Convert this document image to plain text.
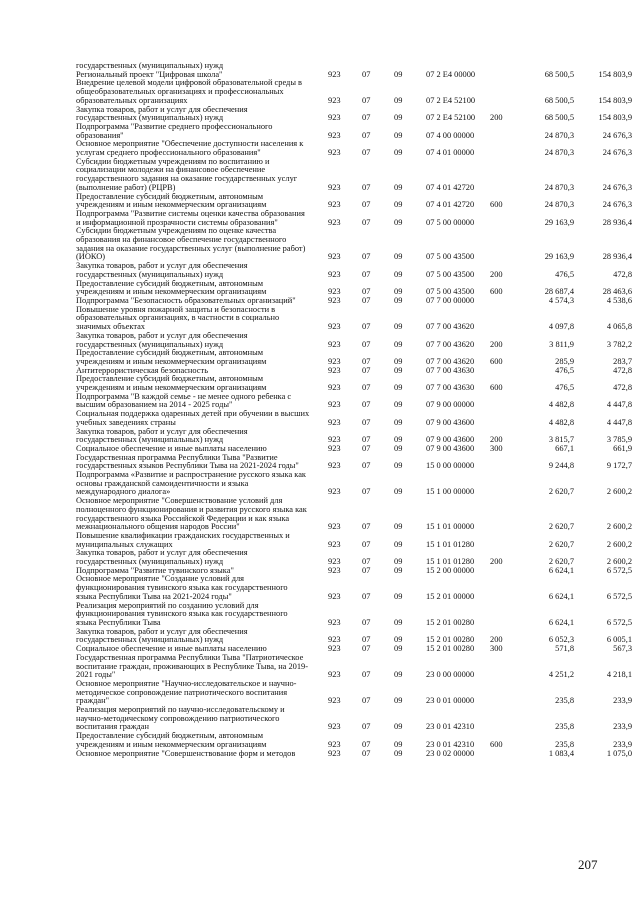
государственных (муниципальных) нужд
Региональный проект "Цифровая школа"	923	07	09	07 2 E4 00000	68 500,5	154 803,9
Внедрение целевой модели цифровой образовательной среды в
общеобразовательных организациях и профессиональных
образовательных организациях	923	07	09	07 2 E4 52100	68 500,5	154 803,9
Закупка товаров, работ и услуг для обеспечения
государственных (муниципальных) нужд	923	07	09	07 2 E4 52100	200	68 500,5	154 803,9
Подпрограмма "Развитие среднего профессионального
образования"	923	07	09	07 4 00 00000	24 870,3	24 676,3
Основное мероприятие "Обеспечение доступности населения к
услугам среднего профессионального образования"	923	07	09	07 4 01 00000	24 870,3	24 676,3
Субсидии бюджетным учреждениям по воспитанию и
социализации молодежи на финансовое обеспечение
государственного задания на оказание государственных услуг
(выполнение работ) (РЦРВ)	923	07	09	07 4 01 42720	24 870,3	24 676,3
Предоставление субсидий бюджетным, автономным
учреждениям и иным некоммерческим организациям	923	07	09	07 4 01 42720	600	24 870,3	24 676,3
Подпрограмма "Развитие системы оценки качества образования
и информационной прозрачности системы образования"	923	07	09	07 5 00 00000	29 163,9	28 936,4
Субсидии бюджетным учреждениям по оценке качества
образования на финансовое обеспечение государственного
задания на оказание государственных услуг (выполнение работ)
(ИОКО)	923	07	09	07 5 00 43500	29 163,9	28 936,4
Закупка товаров, работ и услуг для обеспечения
государственных (муниципальных) нужд	923	07	09	07 5 00 43500	200	476,5	472,8
Предоставление субсидий бюджетным, автономным
учреждениям и иным некоммерческим организациям	923	07	09	07 5 00 43500	600	28 687,4	28 463,6
Подпрограмма "Безопасность образовательных организаций"	923	07	09	07 7 00 00000	4 574,3	4 538,6
Повышение уровня пожарной защиты и безопасности в
образовательных организациях, в частности в социально
значимых объектах	923	07	09	07 7 00 43620	4 097,8	4 065,8
Закупка товаров, работ и услуг для обеспечения
государственных (муниципальных) нужд	923	07	09	07 7 00 43620	200	3 811,9	3 782,2
Предоставление субсидий бюджетным, автономным
учреждениям и иным некоммерческим организациям	923	07	09	07 7 00 43620	600	285,9	283,7
Антитеррористическая безопасность	923	07	09	07 7 00 43630	476,5	472,8
Предоставление субсидий бюджетным, автономным
учреждениям и иным некоммерческим организациям	923	07	09	07 7 00 43630	600	476,5	472,8
Подпрограмма "В каждой семье - не менее одного ребенка с
высшим образованием на 2014 - 2025 годы"	923	07	09	07 9 00 00000	4 482,8	4 447,8
Социальная поддержка одаренных детей при обучении в высших
учебных заведениях страны	923	07	09	07 9 00 43600	4 482,8	4 447,8
Закупка товаров, работ и услуг для обеспечения
государственных (муниципальных) нужд	923	07	09	07 9 00 43600	200	3 815,7	3 785,9
Социальное обеспечение и иные выплаты населению	923	07	09	07 9 00 43600	300	667,1	661,9
Государственная программа Республики Тыва "Развитие
государственных языков Республики Тыва на 2021-2024 годы"	923	07	09	15 0 00 00000	9 244,8	9 172,7
Подпрограмма «Развитие и распространение русского языка как
основы гражданской самоидентичности и языка
международного диалога»	923	07	09	15 1 00 00000	2 620,7	2 600,2
Основное мероприятие "Совершенствование условий для
полноценного функционирования и развития русского языка как
государственного языка Российской Федерации и как языка
межнационального общения народов России"	923	07	09	15 1 01 00000	2 620,7	2 600,2
Повышение квалификации гражданских государственных и
муниципальных служащих	923	07	09	15 1 01 01280	2 620,7	2 600,2
Закупка товаров, работ и услуг для обеспечения
государственных (муниципальных) нужд	923	07	09	15 1 01 01280	200	2 620,7	2 600,2
Подпрограмма "Развитие тувинского языка"	923	07	09	15 2 00 00000	6 624,1	6 572,5
Основное мероприятие "Создание условий для
функционирования тувинского языка как государственного
языка Республики Тыва на 2021-2024 годы"	923	07	09	15 2 01 00000	6 624,1	6 572,5
Реализация мероприятий по созданию условий для
функционирования тувинского языка как государственного
языка Республики Тыва	923	07	09	15 2 01 00280	6 624,1	6 572,5
Закупка товаров, работ и услуг для обеспечения
государственных (муниципальных) нужд	923	07	09	15 2 01 00280	200	6 052,3	6 005,1
Социальное обеспечение и иные выплаты населению	923	07	09	15 2 01 00280	300	571,8	567,3
Государственная программа Республики Тыва "Патриотическое
воспитание граждан, проживающих в Республике Тыва, на 2019-
2021 годы"	923	07	09	23 0 00 00000	4 251,2	4 218,1
Основное мероприятие "Научно-исследовательское и научно-
методическое сопровождение патриотического воспитания
граждан"	923	07	09	23 0 01 00000	235,8	233,9
Реализация мероприятий по научно-исследовательскому и
научно-методическому сопровождению патриотического
воспитания граждан	923	07	09	23 0 01 42310	235,8	233,9
Предоставление субсидий бюджетным, автономным
учреждениям и иным некоммерческим организациям	923	07	09	23 0 01 42310	600	235,8	233,9
Основное мероприятие "Совершенствование форм и методов	923	07	09	23 0 02 00000	1 083,4	1 075,0
207
